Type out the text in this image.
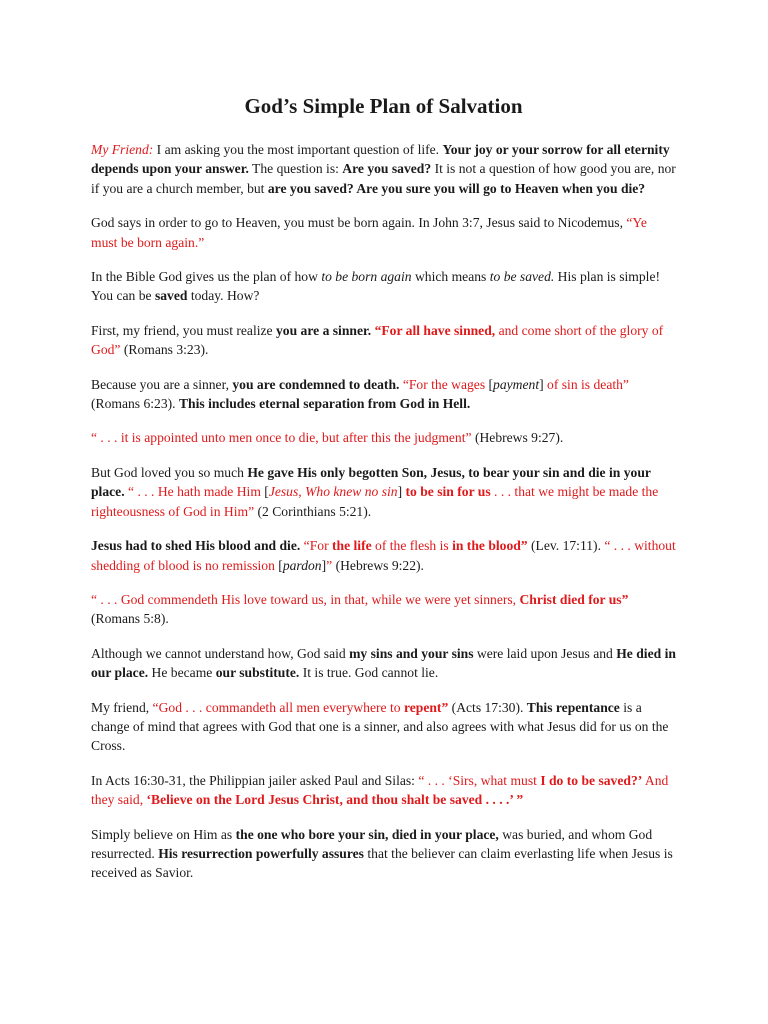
God’s Simple Plan of Salvation

My Friend: I am asking you the most important question of life. Your joy or your sorrow for all eternity depends upon your answer. The question is: Are you saved? It is not a question of how good you are, nor if you are a church member, but are you saved? Are you sure you will go to Heaven when you die?

God says in order to go to Heaven, you must be born again. In John 3:7, Jesus said to Nicodemus, “Ye must be born again.”

In the Bible God gives us the plan of how to be born again which means to be saved. His plan is simple! You can be saved today. How?

First, my friend, you must realize you are a sinner. “For all have sinned, and come short of the glory of God” (Romans 3:23).

Because you are a sinner, you are condemned to death. “For the wages [payment] of sin is death” (Romans 6:23). This includes eternal separation from God in Hell.

“ . . . it is appointed unto men once to die, but after this the judgment” (Hebrews 9:27).

But God loved you so much He gave His only begotten Son, Jesus, to bear your sin and die in your place. “ . . . He hath made Him [Jesus, Who knew no sin] to be sin for us . . . that we might be made the righteousness of God in Him” (2 Corinthians 5:21).

Jesus had to shed His blood and die. “For the life of the flesh is in the blood” (Lev. 17:11). “ . . . without shedding of blood is no remission [pardon]” (Hebrews 9:22).

“ . . . God commendeth His love toward us, in that, while we were yet sinners, Christ died for us” (Romans 5:8).

Although we cannot understand how, God said my sins and your sins were laid upon Jesus and He died in our place. He became our substitute. It is true. God cannot lie.

My friend, “God . . . commandeth all men everywhere to repent” (Acts 17:30). This repentance is a change of mind that agrees with God that one is a sinner, and also agrees with what Jesus did for us on the Cross.

In Acts 16:30-31, the Philippian jailer asked Paul and Silas: “ . . . ‘Sirs, what must I do to be saved?’ And they said, ‘Believe on the Lord Jesus Christ, and thou shalt be saved . . . .’ ”

Simply believe on Him as the one who bore your sin, died in your place, was buried, and whom God resurrected. His resurrection powerfully assures that the believer can claim everlasting life when Jesus is received as Savior.
